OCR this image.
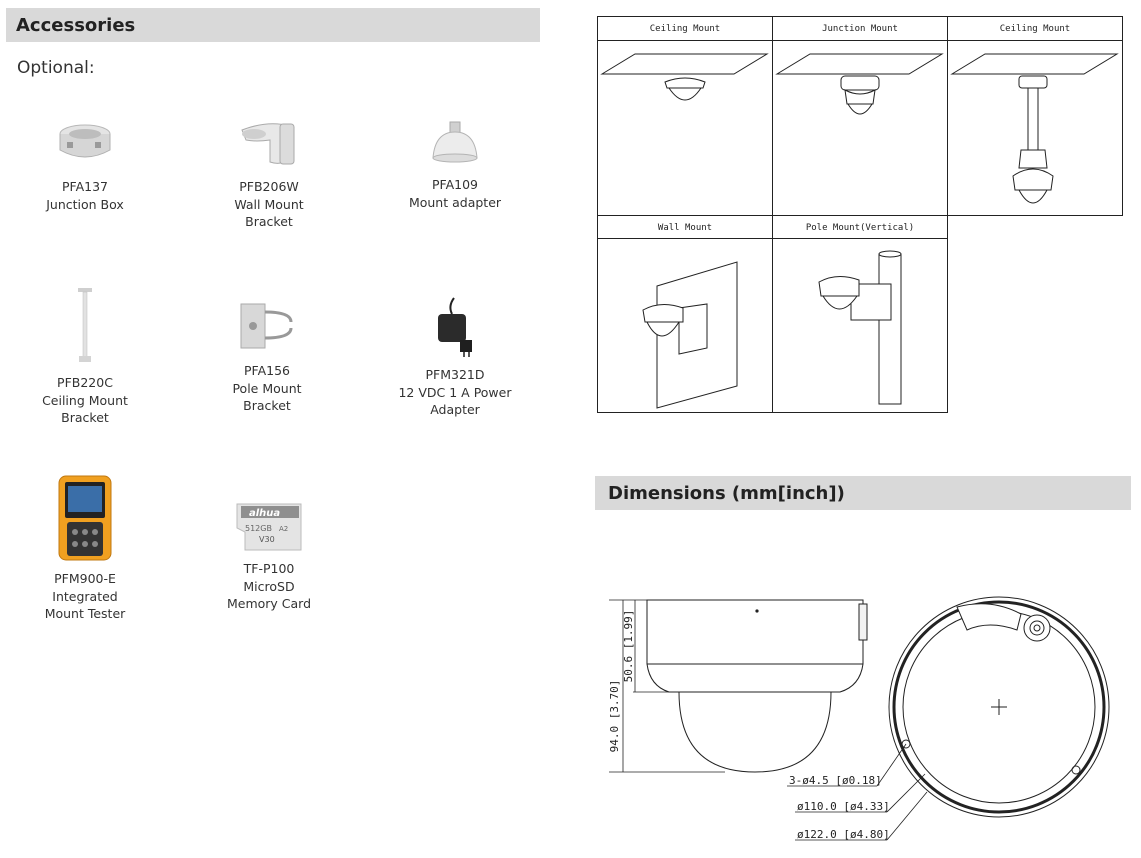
Accessories
Optional:
PFA137
Junction Box
PFB206W
Wall Mount
Bracket
PFA109
Mount adapter
PFB220C
Ceiling Mount
Bracket
PFA156
Pole Mount
Bracket
PFM321D
12 VDC 1 A Power
Adapter
PFM900-E
Integrated
Mount Tester
alhua
512GB A2
V30
TF-P100
MicroSD
Memory Card
Ceiling Mount	Junction Mount	Ceiling Mount
Wall Mount	Pole Mount(Vertical)
Dimensions (mm[inch])
94.0 [3.70]
50.6 [1.99]
3-ø4.5 [ø0.18]
ø110.0 [ø4.33]
ø122.0 [ø4.80]
